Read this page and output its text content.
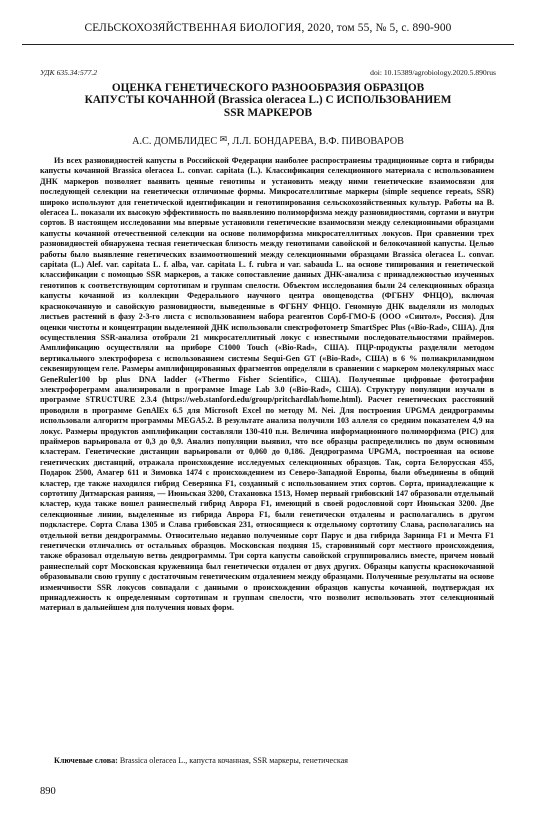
СЕЛЬСКОХОЗЯЙСТВЕННАЯ БИОЛОГИЯ, 2020, том 55, № 5, с. 890-900
УДК 635.34:577.2	doi: 10.15389/agrobiology.2020.5.890rus
ОЦЕНКА ГЕНЕТИЧЕСКОГО РАЗНООБРАЗИЯ ОБРАЗЦОВ
КАПУСТЫ КОЧАННОЙ (Brassica oleracea L.) С ИСПОЛЬЗОВАНИЕМ
SSR МАРКЕРОВ
А.С. ДОМБЛИДЕС ✉, Л.Л. БОНДАРЕВА, В.Ф. ПИВОВАРОВ

Из всех разновидностей капусты в Российской Федерации наиболее распространены традиционные сорта и гибриды капусты кочанной Brassica oleracea L. convar. capitata (L.). Классификация селекционного материала с использованием ДНК маркеров позволяет выявить ценные генотипы и установить между ними генетические взаимосвязи для последующей селекции на генетически отличимые формы. Микросателлитные маркеры (simple sequence repeats, SSR) широко используют для генетической идентификации и генотипирования сельскохозяйственных культур. Работы на B. oleracea L. показали их высокую эффективность по выявлению полиморфизма между разновидностями, сортами и внутри сортов. В настоящем исследовании мы впервые установили генетические взаимосвязи между селекционными образцами капусты кочанной отечественной селекции на основе полиморфизма микросателлитных локусов. При сравнении трех разновидностей обнаружена тесная генетическая близость между генотипами савойской и белокочанной капусты. Целью работы было выявление генетических взаимоотношений между селекционными образцами Brassica oleracea L. convar. capitata (L.) Alef. var. capitata L. f. alba, var. capitata L. f. rubra и var. sabauda L. на основе типирования и генетической классификации с помощью SSR маркеров, а также сопоставление данных ДНК-анализа с принадлежностью изученных генотипов к соответствующим сортотипам и группам спелости. Объектом исследования были 24 селекционных образца капусты кочанной из коллекции Федерального научного центра овощеводства (ФГБНУ ФНЦО), включая краснокочанную и савойскую разновидности, выведенные в ФГБНУ ФНЦО. Геномную ДНК выделяли из молодых листьев растений в фазу 2-3-го листа с использованием набора реагентов Сорб-ГМО-Б (ООО «Синтол», Россия). Для оценки чистоты и концентрации выделенной ДНК использовали спектрофотометр SmartSpec Plus («Bio-Rad», США). Для осуществления SSR-анализа отобрали 21 микросателлитный локус с известными последовательностями праймеров. Амплификацию осуществляли на приборе C1000 Touch («Bio-Rad», США). ПЦР-продукты разделяли методом вертикального электрофореза с использованием системы Sequi-Gen GT («Bio-Rad», США) в 6 % полиакриламидном секвенирующем геле. Размеры амплифицированных фрагментов определяли в сравнении с маркером молекулярных масс GeneRuler100 bp plus DNA ladder («Thermo Fisher Scientific», США). Полученные цифровые фотографии электрофореграмм анализировали в программе Image Lab 3.0 («Bio-Rad», США). Структуру популяции изучали в программе STRUCTURE 2.3.4 (https://web.stanford.edu/group/pritchardlab/home.html). Расчет генетических расстояний проводили в программе GenAlEx 6.5 для Microsoft Excel по методу M. Nei. Для построения UPGMA дендрограммы использовали алгоритм программы MEGA5.2. В результате анализа получили 103 аллеля со средним показателем 4,9 на локус. Размеры продуктов амплификации составляли 130-410 п.н. Величина информационного полиморфизма (PIC) для праймеров варьировала от 0,3 до 0,9. Анализ популяции выявил, что все образцы распределились по двум основным кластерам. Генетические дистанции варьировали от 0,060 до 0,186. Дендрограмма UPGMA, построенная на основе генетических дистанций, отражала происхождение исследуемых селекционных образцов. Так, сорта Белорусская 455, Подарок 2500, Амагер 611 и Зимовка 1474 с происхождением из Северо-Западной Европы, были объединены в общий кластер, где также находился гибрид Северянка F1, созданный с использованием этих сортов. Сорта, принадлежащие к сортотипу Дитмарская ранняя, — Июньская 3200, Стахановка 1513, Номер первый грибовский 147 образовали отдельный кластер, куда также вошел раннеспелый гибрид Аврора F1, имеющий в своей родословной сорт Июньская 3200. Две селекционные линии, выделенные из гибрида Аврора F1, были генетически отдалены и располагались в другом подкластере. Сорта Слава 1305 и Слава грибовская 231, относящиеся к отдельному сортотипу Слава, располагались на отдельной ветви дендрограммы. Относительно недавно полученные сорт Парус и два гибрида Зарница F1 и Мечта F1 генетически отличались от остальных образцов. Московская поздняя 15, старовинный сорт местного происхождения, также образовал отдельную ветвь дендрограммы. Три сорта капусты савойской сгруппировались вместе, причем новый раннеспелый сорт Московская кружевница был генетически отдален от двух других. Образцы капусты краснокочанной образовывали свою группу с достаточным генетическим отдалением между образцами. Полученные результаты на основе изменчивости SSR локусов совпадали с данными о происхождении образцов капусты кочанной, подтверждая их принадлежность к определенным сортотипам и группам спелости, что позволит использовать этот селекционный материал в дальнейшем для получения новых форм.

Ключевые слова: Brassica oleracea L., капуста кочанная, SSR маркеры, генетическая
890
